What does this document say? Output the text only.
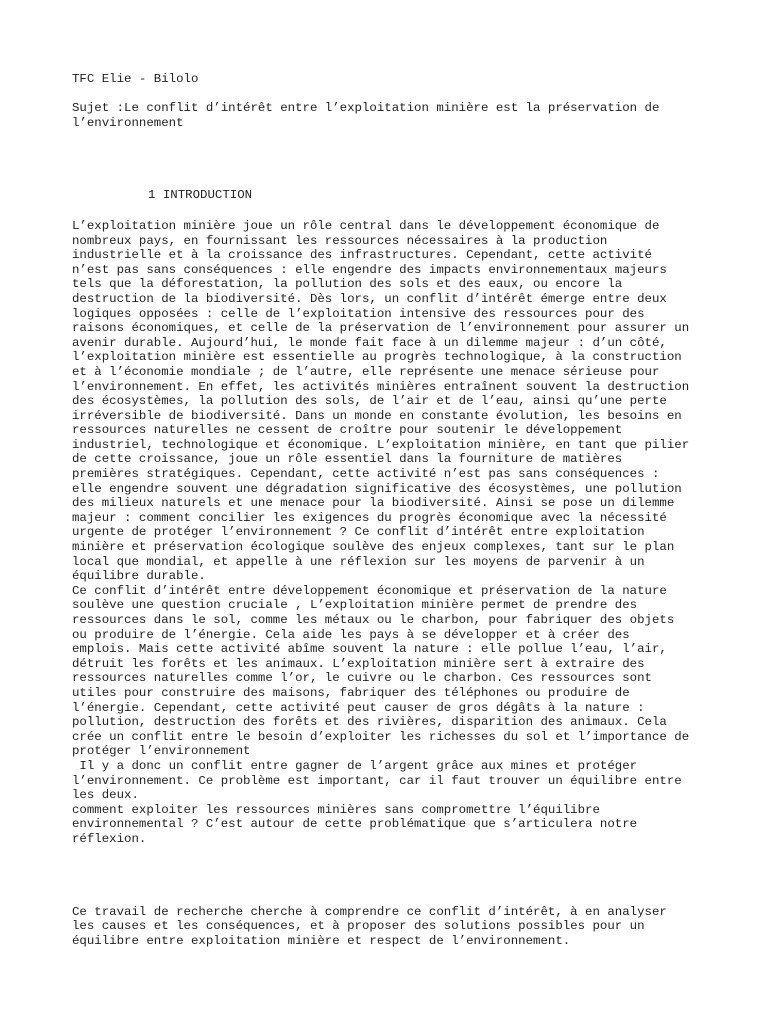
TFC Elie - Bilolo
Sujet :Le conflit d’intérêt entre l’exploitation minière est la préservation de
l’environnement
1 INTRODUCTION
L’exploitation minière joue un rôle central dans le développement économique de
nombreux pays, en fournissant les ressources nécessaires à la production
industrielle et à la croissance des infrastructures. Cependant, cette activité
n’est pas sans conséquences : elle engendre des impacts environnementaux majeurs
tels que la déforestation, la pollution des sols et des eaux, ou encore la
destruction de la biodiversité. Dès lors, un conflit d’intérêt émerge entre deux
logiques opposées : celle de l’exploitation intensive des ressources pour des
raisons économiques, et celle de la préservation de l’environnement pour assurer un
avenir durable. Aujourd’hui, le monde fait face à un dilemme majeur : d’un côté,
l’exploitation minière est essentielle au progrès technologique, à la construction
et à l’économie mondiale ; de l’autre, elle représente une menace sérieuse pour
l’environnement. En effet, les activités minières entraînent souvent la destruction
des écosystèmes, la pollution des sols, de l’air et de l’eau, ainsi qu’une perte
irréversible de biodiversité. Dans un monde en constante évolution, les besoins en
ressources naturelles ne cessent de croître pour soutenir le développement
industriel, technologique et économique. L’exploitation minière, en tant que pilier
de cette croissance, joue un rôle essentiel dans la fourniture de matières
premières stratégiques. Cependant, cette activité n’est pas sans conséquences :
elle engendre souvent une dégradation significative des écosystèmes, une pollution
des milieux naturels et une menace pour la biodiversité. Ainsi se pose un dilemme
majeur : comment concilier les exigences du progrès économique avec la nécessité
urgente de protéger l’environnement ? Ce conflit d’intérêt entre exploitation
minière et préservation écologique soulève des enjeux complexes, tant sur le plan
local que mondial, et appelle à une réflexion sur les moyens de parvenir à un
équilibre durable.
Ce conflit d’intérêt entre développement économique et préservation de la nature
soulève une question cruciale , L’exploitation minière permet de prendre des
ressources dans le sol, comme les métaux ou le charbon, pour fabriquer des objets
ou produire de l’énergie. Cela aide les pays à se développer et à créer des
emplois. Mais cette activité abîme souvent la nature : elle pollue l’eau, l’air,
détruit les forêts et les animaux. L’exploitation minière sert à extraire des
ressources naturelles comme l’or, le cuivre ou le charbon. Ces ressources sont
utiles pour construire des maisons, fabriquer des téléphones ou produire de
l’énergie. Cependant, cette activité peut causer de gros dégâts à la nature :
pollution, destruction des forêts et des rivières, disparition des animaux. Cela
crée un conflit entre le besoin d’exploiter les richesses du sol et l’importance de
protéger l’environnement
Il y a donc un conflit entre gagner de l’argent grâce aux mines et protéger
l’environnement. Ce problème est important, car il faut trouver un équilibre entre
les deux.
comment exploiter les ressources minières sans compromettre l’équilibre
environnemental ? C’est autour de cette problématique que s’articulera notre
réflexion.
Ce travail de recherche cherche à comprendre ce conflit d’intérêt, à en analyser
les causes et les conséquences, et à proposer des solutions possibles pour un
équilibre entre exploitation minière et respect de l’environnement.
